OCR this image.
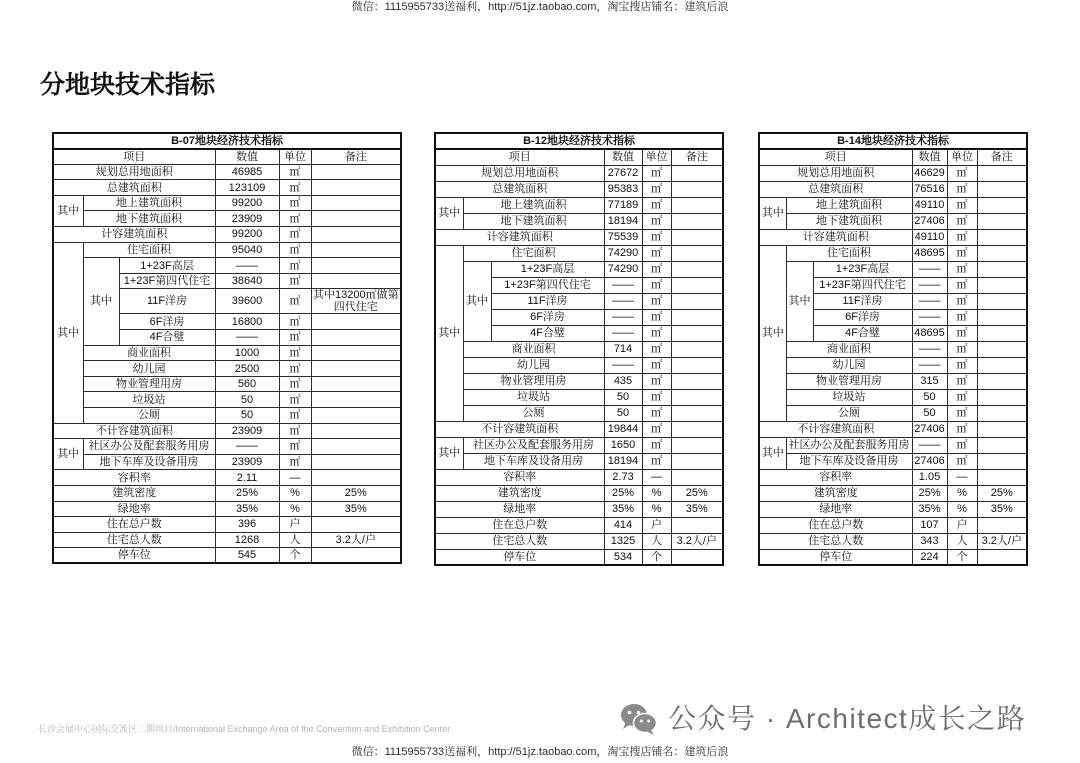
微信：1115955733送福利，http://51jz.taobao.com，淘宝搜店铺名：建筑后浪
分地块技术指标
B-07地块经济技术指标					
项目			数值	单位	备注
规划总用地面积			46985	㎡	
总建筑面积			123109	㎡	
其中	地上建筑面积		99200	㎡	
	地下建筑面积		23909	㎡	
计容建筑面积			99200	㎡	
其中	住宅面积		95040	㎡	
	其中	1+23F高层	——	㎡	
		1+23F第四代住宅	38640	㎡	
		11F洋房	39600	㎡	其中13200㎡做第四代住宅
		6F洋房	16800	㎡	
		4F合璧	——	㎡	
	商业面积		1000	㎡	
	幼儿园		2500	㎡	
	物业管理用房		560	㎡	
	垃圾站		50	㎡	
	公厕		50	㎡	
不计容建筑面积			23909	㎡	
其中	社区办公及配套服务用房		——	㎡	
	地下车库及设备用房		23909	㎡	
容积率			2.11	—	
建筑密度			25%	%	25%
绿地率			35%	%	35%
住在总户数			396	户	
住宅总人数			1268	人	3.2人/户
停车位			545	个	
B-12地块经济技术指标					
项目			数值	单位	备注
规划总用地面积			27672	㎡	
总建筑面积			95383	㎡	
其中	地上建筑面积		77189	㎡	
	地下建筑面积		18194	㎡	
计容建筑面积			75539	㎡	
其中	住宅面积		74290	㎡	
	其中	1+23F高层	74290	㎡	
		1+23F第四代住宅	——	㎡	
		11F洋房	——	㎡	
		6F洋房	——	㎡	
		4F合璧	——	㎡	
	商业面积		714	㎡	
	幼儿园		——	㎡	
	物业管理用房		435	㎡	
	垃圾站		50	㎡	
	公厕		50	㎡	
不计容建筑面积			19844	㎡	
其中	社区办公及配套服务用房		1650	㎡	
	地下车库及设备用房		18194	㎡	
容积率			2.73	—	
建筑密度			25%	%	25%
绿地率			35%	%	35%
住在总户数			414	户	
住宅总人数			1325	人	3.2人/户
停车位			534	个	
B-14地块经济技术指标					
项目			数值	单位	备注
规划总用地面积			46629	㎡	
总建筑面积			76516	㎡	
其中	地上建筑面积		49110	㎡	
	地下建筑面积		27406	㎡	
计容建筑面积			49110	㎡	
其中	住宅面积		48695	㎡	
	其中	1+23F高层	——	㎡	
		1+23F第四代住宅	——	㎡	
		11F洋房	——	㎡	
		6F洋房	——	㎡	
		4F合璧	48695	㎡	
	商业面积		——	㎡	
	幼儿园		——	㎡	
	物业管理用房		315	㎡	
	垃圾站		50	㎡	
	公厕		50	㎡	
不计容建筑面积			27406	㎡	
其中	社区办公及配套服务用房		——	㎡	
	地下车库及设备用房		27406	㎡	
容积率			1.05	—	
建筑密度			25%	%	25%
绿地率			35%	%	35%
住在总户数			107	户	
住宅总人数			343	人	3.2人/户
停车位			224	个	
长沙会展中心国际交流区二期项目/International Exchange Area of the Convention and Exhibition Center	公众号 · Architect成长之路
微信：1115955733送福利，http://51jz.taobao.com，淘宝搜店铺名：建筑后浪
